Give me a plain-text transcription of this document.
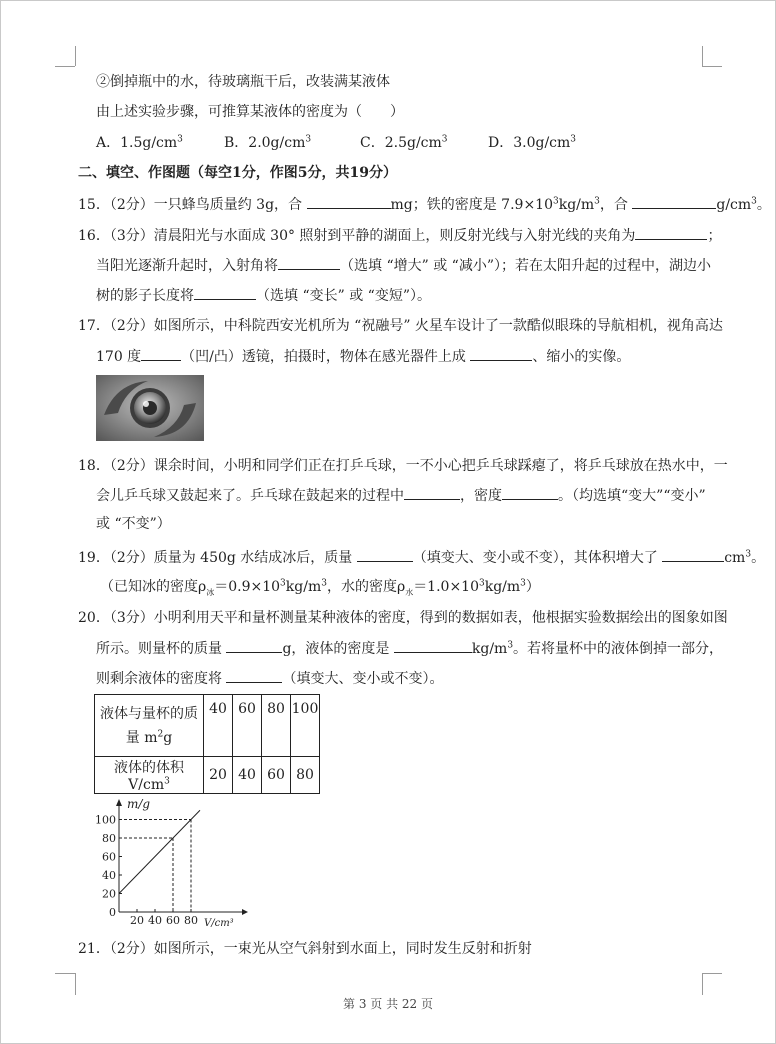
②倒掉瓶中的水，待玻璃瓶干后，改装满某液体
由上述实验步骤，可推算某液体的密度为（　　）
A．$1.5g/cm^3$	B．$2.0g/cm^3$	C．$2.5g/cm^3$	D．$3.0g/cm^3$
二、填空、作图题（每空1分，作图5分，共19分）
15．（2分）一只蜂鸟质量约 3g，合	mg；铁的密度是 $7.9\times 10^3kg/m^3$，合	$g/cm^3$。
16．（3分）清晨阳光与水面成 30° 照射到平静的湖面上，则反射光线与入射光线的夹角为	；
当阳光逐渐升起时，入射角将	（选填 “增大” 或 “减小”）；若在太阳升起的过程中，湖边小
树的影子长度将	（选填 “变长” 或 “变短”）。
17．（2分）如图所示，中科院西安光机所为 “祝融号” 火星车设计了一款酷似眼珠的导航相机，视角高达
170 度	（凹/凸）透镜，拍摄时，物体在感光器件上成	、缩小的实像。
18．（2分）课余时间，小明和同学们正在打乒乓球，一不小心把乒乓球踩瘪了，将乒乓球放在热水中，一
会儿乒乓球又鼓起来了。乒乓球在鼓起来的过程中	，密度	。（均选填“变大”“变小”
或 “不变”）
19．（2分）质量为 450g 水结成冰后，质量	（填变大、变小或不变），其体积增大了	$cm^3$。
（已知冰的密度$\rho_冰=0.9\times 10^3kg/m^3$，水的密度$\rho_水=1.0\times 10^3kg/m^3$）
20．（3分）小明利用天平和量杯测量某种液体的密度，得到的数据如表，他根据实验数据绘出的图象如图
所示。则量杯的质量	g，液体的密度是	$kg/m^3$。若将量杯中的液体倒掉一部分，
则剩余液体的密度将	（填变大、变小或不变）。
液体与量杯的质
量 $m^2g$	40	60	80	100
液体的体积 $V/cm^3$	20	40	60	80
m/g
V/cm³
0
20
40
60
80
100
20 40 60 80
21．（2分）如图所示，一束光从空气斜射到水面上，同时发生反射和折射
第 3 页 共 22 页
